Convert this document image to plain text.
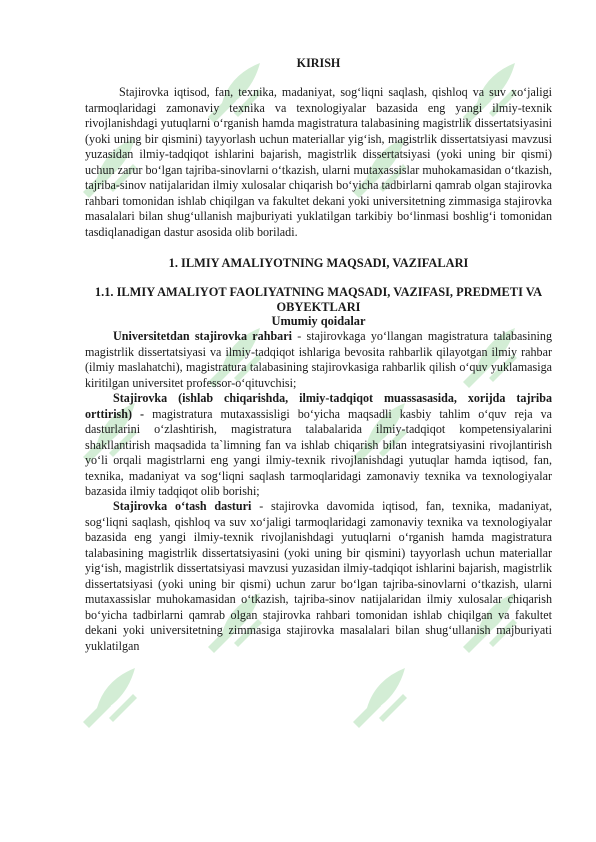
KIRISH

Stajirovka iqtisod, fan, texnika, madaniyat, sog‘liqni saqlash, qishloq va suv xo‘jaligi tarmoqlaridagi zamonaviy texnika va texnologiyalar bazasida eng yangi ilmiy-texnik rivojlanishdagi yutuqlarni o‘rganish hamda magistratura talabasining magistrlik dissertatsiyasini (yoki uning bir qismini) tayyorlash uchun materiallar yig‘ish, magistrlik dissertatsiyasi mavzusi yuzasidan ilmiy-tadqiqot ishlarini bajarish, magistrlik dissertatsiyasi (yoki uning bir qismi) uchun zarur bo‘lgan tajriba-sinovlarni o‘tkazish, ularni mutaxassislar muhokamasidan o‘tkazish, tajriba-sinov natijalaridan ilmiy xulosalar chiqarish bo‘yicha tadbirlarni qamrab olgan stajirovka rahbari tomonidan ishlab chiqilgan va fakultet dekani yoki universitetning zimmasiga stajirovka masalalari bilan shug‘ullanish majburiyati yuklatilgan tarkibiy bo‘linmasi boshlig‘i tomonidan tasdiqlanadigan dastur asosida olib boriladi.

1. ILMIY AMALIYOTNING MAQSADI, VAZIFALARI

1.1. ILMIY AMALIYOT FAOLIYATNING MAQSADI, VAZIFASI, PREDMETI VA OBYEKTLARI

Umumiy qoidalar

Universitetdan stajirovka rahbari - stajirovkaga yo‘llangan magistratura talabasining magistrlik dissertatsiyasi va ilmiy-tadqiqot ishlariga bevosita rahbarlik qilayotgan ilmiy rahbar (ilmiy maslahatchi), magistratura talabasining stajirovkasiga rahbarlik qilish o‘quv yuklamasiga kiritilgan universitet professor-o‘qituvchisi;

Stajirovka (ishlab chiqarishda, ilmiy-tadqiqot muassasasida, xorijda tajriba orttirish) - magistratura mutaxassisligi bo‘yicha maqsadli kasbiy tahlim o‘quv reja va dasturlarini o‘zlashtirish, magistratura talabalarida ilmiy-tadqiqot kompetensiyalarini shakllantirish maqsadida ta`limning fan va ishlab chiqarish bilan integratsiyasini rivojlantirish yo‘li orqali magistrlarni eng yangi ilmiy-texnik rivojlanishdagi yutuqlar hamda iqtisod, fan, texnika, madaniyat va sog‘liqni saqlash tarmoqlaridagi zamonaviy texnika va texnologiyalar bazasida ilmiy tadqiqot olib borishi;

Stajirovka o‘tash dasturi - stajirovka davomida iqtisod, fan, texnika, madaniyat, sog‘liqni saqlash, qishloq va suv xo‘jaligi tarmoqlaridagi zamonaviy texnika va texnologiyalar bazasida eng yangi ilmiy-texnik rivojlanishdagi yutuqlarni o‘rganish hamda magistratura talabasining magistrlik dissertatsiyasini (yoki uning bir qismini) tayyorlash uchun materiallar yig‘ish, magistrlik dissertatsiyasi mavzusi yuzasidan ilmiy-tadqiqot ishlarini bajarish, magistrlik dissertatsiyasi (yoki uning bir qismi) uchun zarur bo‘lgan tajriba-sinovlarni o‘tkazish, ularni mutaxassislar muhokamasidan o‘tkazish, tajriba-sinov natijalaridan ilmiy xulosalar chiqarish bo‘yicha tadbirlarni qamrab olgan stajirovka rahbari tomonidan ishlab chiqilgan va fakultet dekani yoki universitetning zimmasiga stajirovka masalalari bilan shug‘ullanish majburiyati yuklatilgan
